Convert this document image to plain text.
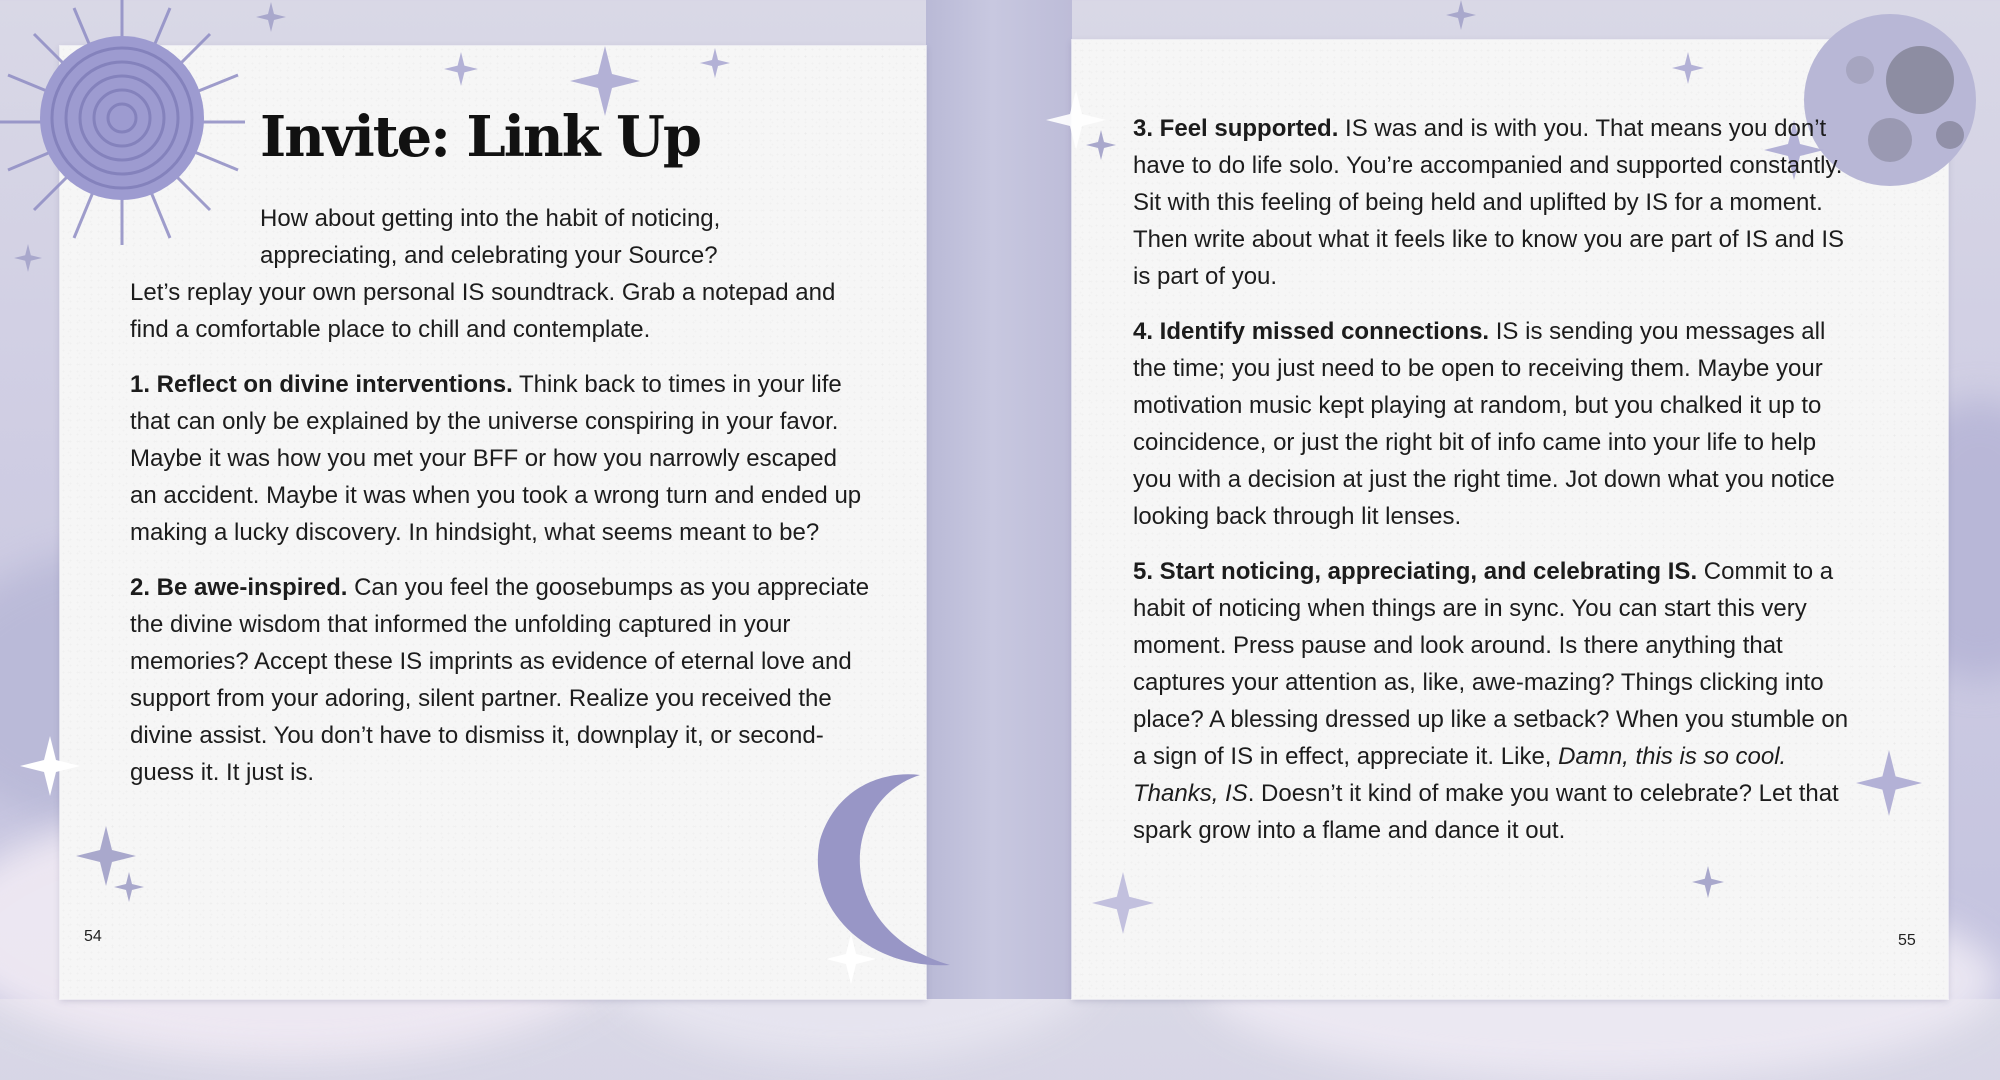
Invite: Link Up
How about getting into the habit of noticing,
appreciating, and celebrating your Source?

Let’s replay your own personal IS soundtrack. Grab a notepad and find a comfortable place to chill and contemplate.

1. Reflect on divine interventions. Think back to times in your life that can only be explained by the universe conspiring in your favor. Maybe it was how you met your BFF or how you narrowly escaped an accident. Maybe it was when you took a wrong turn and ended up making a lucky discovery. In hindsight, what seems meant to be?

2. Be awe-inspired. Can you feel the goosebumps as you appreciate the divine wisdom that informed the unfolding captured in your memories? Accept these IS imprints as evidence of eternal love and support from your adoring, silent partner. Realize you received the divine assist. You don’t have to dismiss it, downplay it, or second-guess it. It just is.

54

3. Feel supported. IS was and is with you. That means you don’t have to do life solo. You’re accompanied and supported constantly. Sit with this feeling of being held and uplifted by IS for a moment. Then write about what it feels like to know you are part of IS and IS is part of you.

4. Identify missed connections. IS is sending you messages all the time; you just need to be open to receiving them. Maybe your motivation music kept playing at random, but you chalked it up to coincidence, or just the right bit of info came into your life to help you with a decision at just the right time. Jot down what you notice looking back through lit lenses.

5. Start noticing, appreciating, and celebrating IS. Commit to a habit of noticing when things are in sync. You can start this very moment. Press pause and look around. Is there anything that captures your attention as, like, awe-mazing? Things clicking into place? A blessing dressed up like a setback? When you stumble on a sign of IS in effect, appreciate it. Like, Damn, this is so cool. Thanks, IS. Doesn’t it kind of make you want to celebrate? Let that spark grow into a flame and dance it out.

55
